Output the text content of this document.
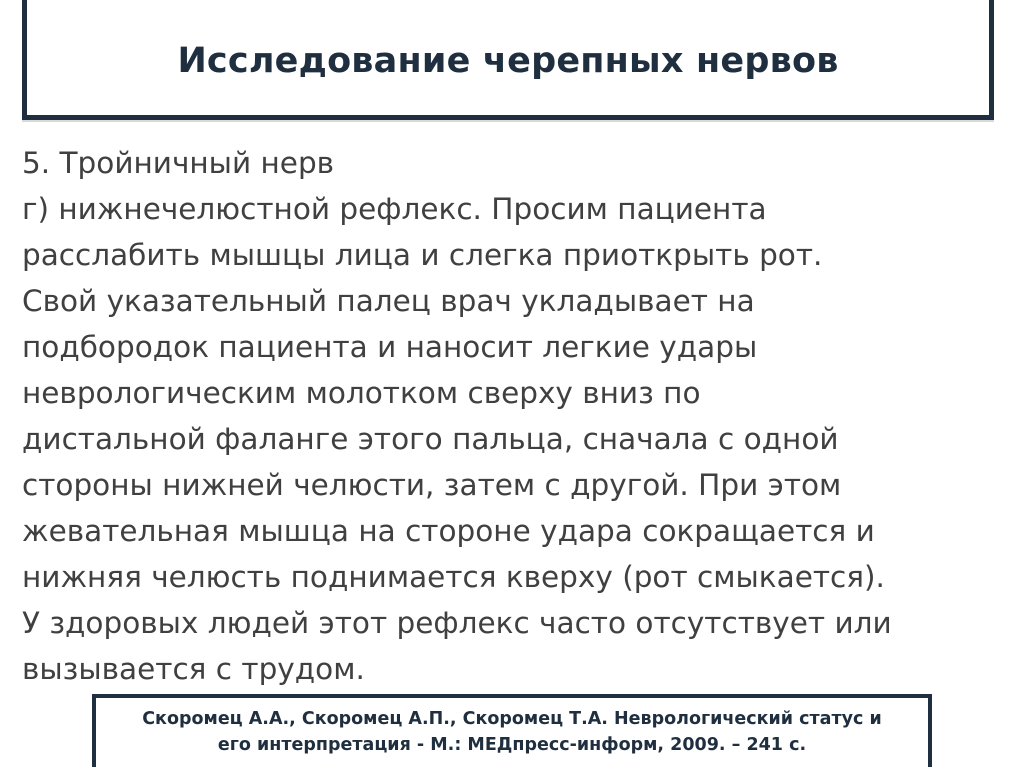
Исследование черепных нервов
5. Тройничный нерв
г) нижнечелюстной рефлекс. Просим пациента
расслабить мышцы лица и слегка приоткрыть рот.
Свой указательный палец врач укладывает на
подбородок пациента и наносит легкие удары
неврологическим молотком сверху вниз по
дистальной фаланге этого пальца, сначала с одной
стороны нижней челюсти, затем с другой. При этом
жевательная мышца на стороне удара сокращается и
нижняя челюсть поднимается кверху (рот смыкается).
У здоровых людей этот рефлекс часто отсутствует или
вызывается с трудом.
Скоромец А.А., Скоромец А.П., Скоромец Т.А. Неврологический статус и
его интерпретация - М.: МЕДпресс-информ, 2009. – 241 с.
